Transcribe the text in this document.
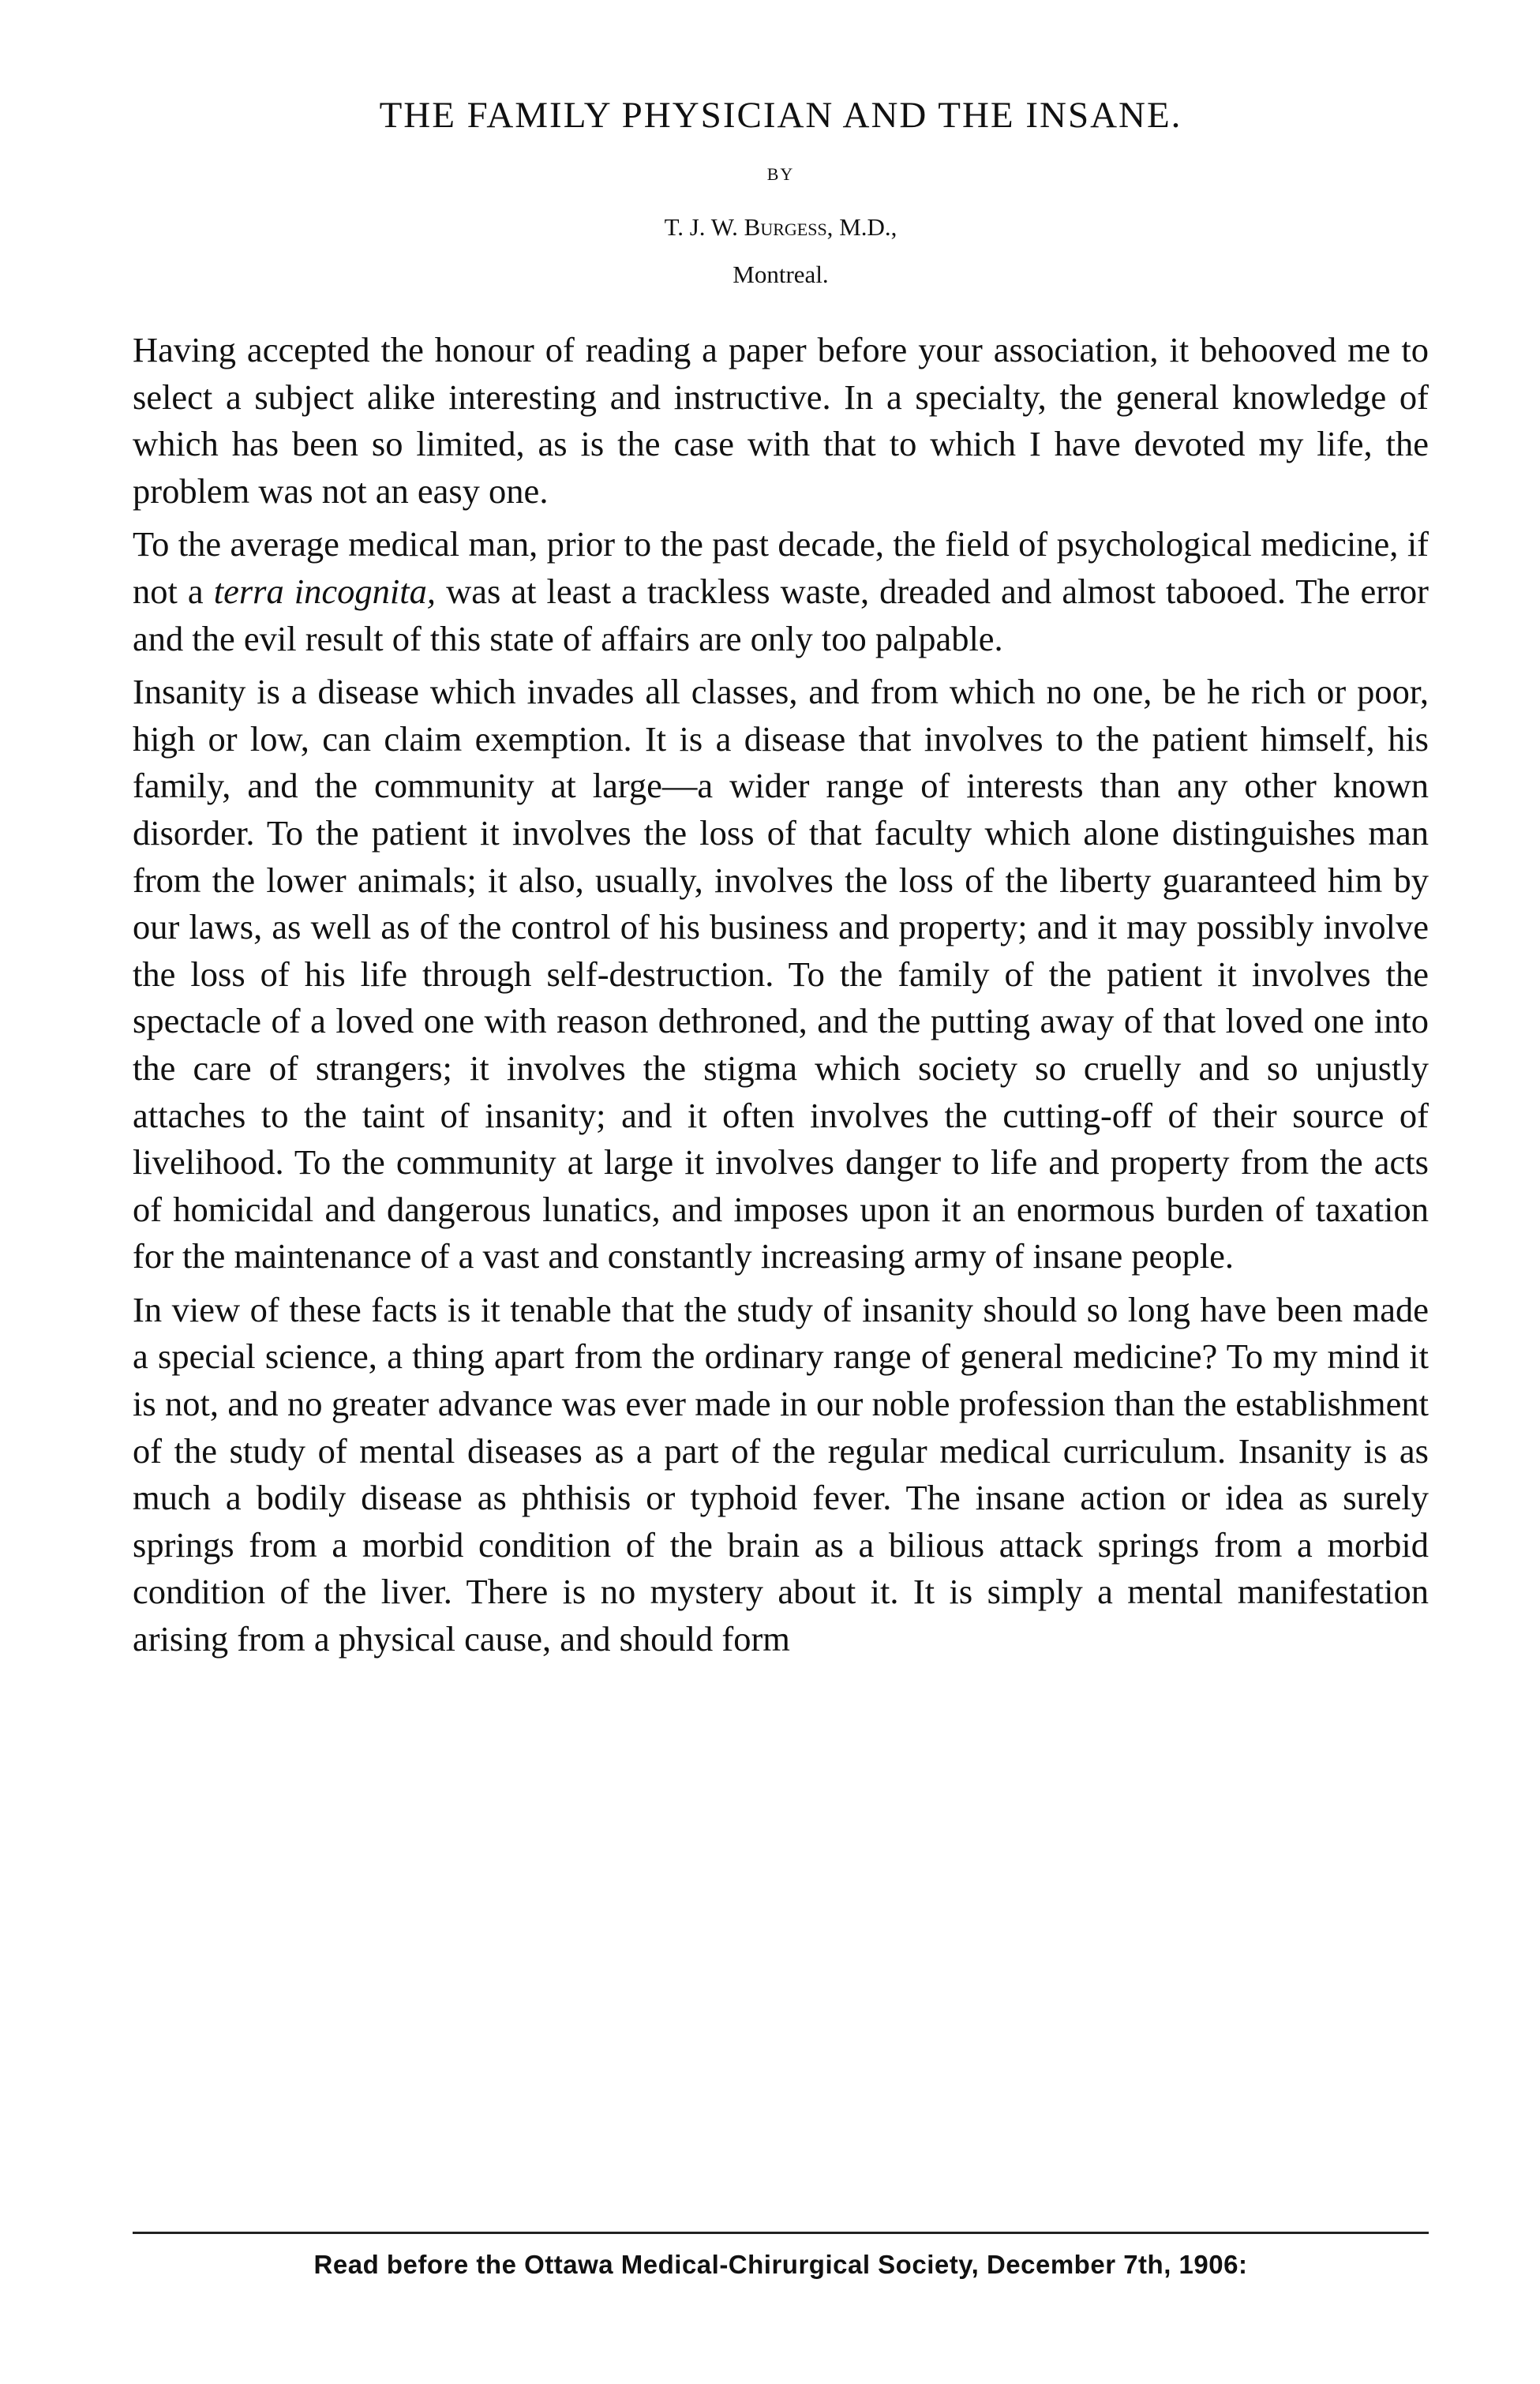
THE FAMILY PHYSICIAN AND THE INSANE.
BY
T. J. W. Burgess, M.D.,
Montreal.

Having accepted the honour of reading a paper before your association, it behooved me to select a subject alike interesting and instructive. In a specialty, the general knowledge of which has been so limited, as is the case with that to which I have devoted my life, the problem was not an easy one.

To the average medical man, prior to the past decade, the field of psychological medicine, if not a terra incognita, was at least a trackless waste, dreaded and almost tabooed. The error and the evil result of this state of affairs are only too palpable.

Insanity is a disease which invades all classes, and from which no one, be he rich or poor, high or low, can claim exemption. It is a disease that involves to the patient himself, his family, and the community at large—a wider range of interests than any other known disorder. To the patient it involves the loss of that faculty which alone distinguishes man from the lower animals; it also, usually, involves the loss of the liberty guaranteed him by our laws, as well as of the control of his business and property; and it may possibly involve the loss of his life through self-destruction. To the family of the patient it involves the spectacle of a loved one with reason dethroned, and the putting away of that loved one into the care of strangers; it involves the stigma which society so cruelly and so unjustly attaches to the taint of insanity; and it often involves the cutting-off of their source of livelihood. To the community at large it involves danger to life and property from the acts of homicidal and dangerous lunatics, and imposes upon it an enormous burden of taxation for the maintenance of a vast and constantly increasing army of insane people.

In view of these facts is it tenable that the study of insanity should so long have been made a special science, a thing apart from the ordinary range of general medicine? To my mind it is not, and no greater advance was ever made in our noble profession than the establishment of the study of mental diseases as a part of the regular medical curriculum. Insanity is as much a bodily disease as phthisis or typhoid fever. The insane action or idea as surely springs from a morbid condition of the brain as a bilious attack springs from a morbid condition of the liver. There is no mystery about it. It is simply a mental manifestation arising from a physical cause, and should form

Read before the Ottawa Medical-Chirurgical Society, December 7th, 1906:
